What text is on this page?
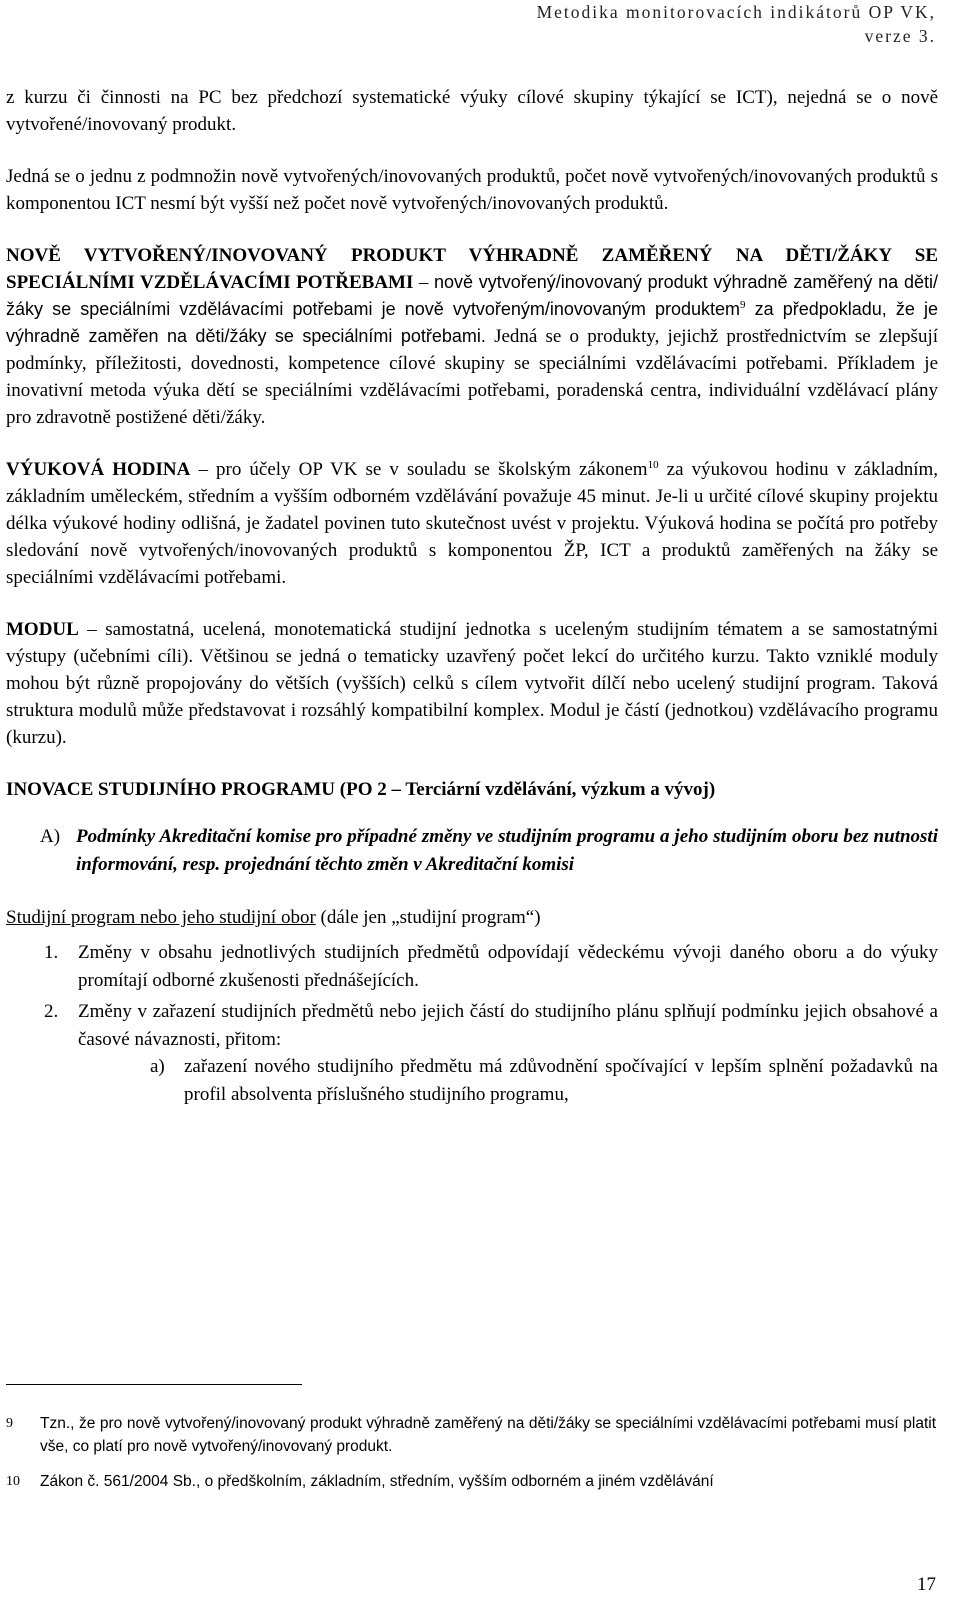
Metodika monitorovacích indikátorů OP VK,
verze 3.

z kurzu či činnosti na PC bez předchozí systematické výuky cílové skupiny týkající se ICT), nejedná se o nově vytvořené/inovovaný produkt.

Jedná se o jednu z podmnožin nově vytvořených/inovovaných produktů, počet nově vytvořených/inovovaných produktů s komponentou ICT nesmí být vyšší než počet nově vytvořených/inovovaných produktů.

NOVĚ VYTVOŘENÝ/INOVOVANÝ PRODUKT VÝHRADNĚ ZAMĚŘENÝ NA DĚTI/ŽÁKY SE SPECIÁLNÍMI VZDĚLÁVACÍMI POTŘEBAMI – nově vytvořený/inovovaný produkt výhradně zaměřený na děti/žáky se speciálními vzdělávacími potřebami je nově vytvořeným/inovovaným produktem$^9$ za předpokladu, že je výhradně zaměřen na děti/žáky se speciálními potřebami. Jedná se o produkty, jejichž prostřednictvím se zlepšují podmínky, příležitosti, dovednosti, kompetence cílové skupiny se speciálními vzdělávacími potřebami. Příkladem je inovativní metoda výuka dětí se speciálními vzdělávacími potřebami, poradenská centra, individuální vzdělávací plány pro zdravotně postižené děti/žáky.

VÝUKOVÁ HODINA – pro účely OP VK se v souladu se školským zákonem$^{10}$ za výukovou hodinu v základním, základním uměleckém, středním a vyšším odborném vzdělávání považuje 45 minut. Je-li u určité cílové skupiny projektu délka výukové hodiny odlišná, je žadatel povinen tuto skutečnost uvést v projektu. Výuková hodina se počítá pro potřeby sledování nově vytvořených/inovovaných produktů s komponentou ŽP, ICT a produktů zaměřených na žáky se speciálními vzdělávacími potřebami.

MODUL – samostatná, ucelená, monotematická studijní jednotka s uceleným studijním tématem a se samostatnými výstupy (učebními cíli). Většinou se jedná o tematicky uzavřený počet lekcí do určitého kurzu. Takto vzniklé moduly mohou být různě propojovány do větších (vyšších) celků s cílem vytvořit dílčí nebo ucelený studijní program. Taková struktura modulů může představovat i rozsáhlý kompatibilní komplex. Modul je částí (jednotkou) vzdělávacího programu (kurzu).

INOVACE STUDIJNÍHO PROGRAMU (PO 2 – Terciární vzdělávání, výzkum a vývoj)

A) Podmínky Akreditační komise pro případné změny ve studijním programu a jeho studijním oboru bez nutnosti informování, resp. projednání těchto změn v Akreditační komisi

Studijní program nebo jeho studijní obor (dále jen „studijní program“)

1.	Změny v obsahu jednotlivých studijních předmětů odpovídají vědeckému vývoji daného oboru a do výuky promítají odborné zkušenosti přednášejících.
2.	Změny v zařazení studijních předmětů nebo jejich částí do studijního plánu splňují podmínku jejich obsahové a časové návaznosti, přitom:
a)	zařazení nového studijního předmětu má zdůvodnění spočívající v lepším splnění požadavků na profil absolventa příslušného studijního programu,
9	Tzn., že pro nově vytvořený/inovovaný produkt výhradně zaměřený na děti/žáky se speciálními vzdělávacími potřebami musí platit vše, co platí pro nově vytvořený/inovovaný produkt.
10	Zákon č. 561/2004 Sb., o předškolním, základním, středním, vyšším odborném a jiném vzdělávání
17
